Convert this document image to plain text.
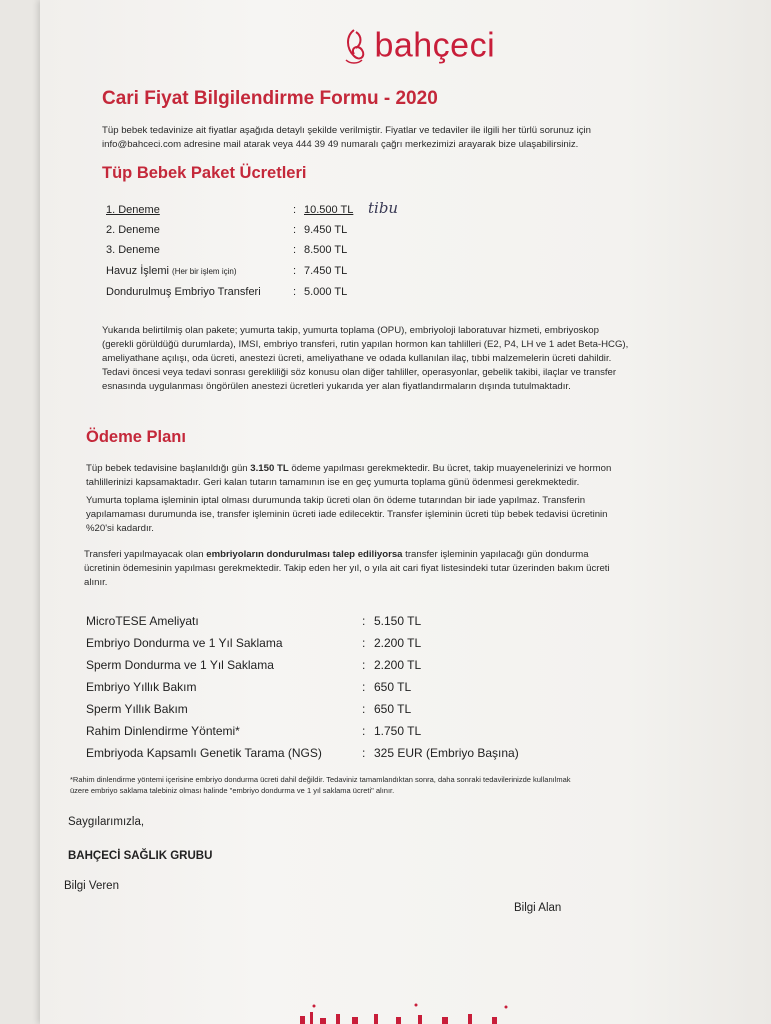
bahçeci
Cari Fiyat Bilgilendirme Formu - 2020
Tüp bebek tedavinize ait fiyatlar aşağıda detaylı şekilde verilmiştir. Fiyatlar ve tedaviler ile ilgili her türlü sorunuz için
info@bahceci.com adresine mail atarak veya 444 39 49 numaralı çağrı merkezimizi arayarak bize ulaşabilirsiniz.
Tüp Bebek Paket Ücretleri
1. Deneme	: 10.500 TL tibu
2. Deneme	: 9.450 TL
3. Deneme	: 8.500 TL
Havuz İşlemi (Her bir işlem için)	: 7.450 TL
Dondurulmuş Embriyo Transferi	: 5.000 TL
Yukarıda belirtilmiş olan pakete; yumurta takip, yumurta toplama (OPU), embriyoloji laboratuvar hizmeti, embriyoskop
(gerekli görüldüğü durumlarda), IMSI, embriyo transferi, rutin yapılan hormon kan tahlilleri (E2, P4, LH ve 1 adet Beta-HCG),
ameliyathane açılışı, oda ücreti, anestezi ücreti, ameliyathane ve odada kullanılan ilaç, tıbbi malzemelerin ücreti dahildir.
Tedavi öncesi veya tedavi sonrası gerekliliği söz konusu olan diğer tahliller, operasyonlar, gebelik takibi, ilaçlar ve transfer
esnasında uygulanması öngörülen anestezi ücretleri yukarıda yer alan fiyatlandırmaların dışında tutulmaktadır.
Ödeme Planı
Tüp bebek tedavisine başlanıldığı gün 3.150 TL ödeme yapılması gerekmektedir. Bu ücret, takip muayenelerinizi ve hormon
tahlillerinizi kapsamaktadır. Geri kalan tutarın tamamının ise en geç yumurta toplama günü ödenmesi gerekmektedir.
Yumurta toplama işleminin iptal olması durumunda takip ücreti olan ön ödeme tutarından bir iade yapılmaz. Transferin
yapılamaması durumunda ise, transfer işleminin ücreti iade edilecektir. Transfer işleminin ücreti tüp bebek tedavisi ücretinin
%20'si kadardır.
Transferi yapılmayacak olan embriyoların dondurulması talep ediliyorsa transfer işleminin yapılacağı gün dondurma
ücretinin ödemesinin yapılması gerekmektedir. Takip eden her yıl, o yıla ait cari fiyat listesindeki tutar üzerinden bakım ücreti
alınır.
MicroTESE Ameliyatı	: 5.150 TL
Embriyo Dondurma ve 1 Yıl Saklama	: 2.200 TL
Sperm Dondurma ve 1 Yıl Saklama	: 2.200 TL
Embriyo Yıllık Bakım	: 650 TL
Sperm Yıllık Bakım	: 650 TL
Rahim Dinlendirme Yöntemi*	: 1.750 TL
Embriyoda Kapsamlı Genetik Tarama (NGS)	: 325 EUR (Embriyo Başına)
*Rahim dinlendirme yöntemi içerisine embriyo dondurma ücreti dahil değildir. Tedaviniz tamamlandıktan sonra, daha sonraki tedavilerinizde kullanılmak
üzere embriyo saklama talebiniz olması halinde "embriyo dondurma ve 1 yıl saklama ücreti" alınır.
Saygılarımızla,
BAHÇECİ SAĞLIK GRUBU
Bilgi Veren
Bilgi Alan
